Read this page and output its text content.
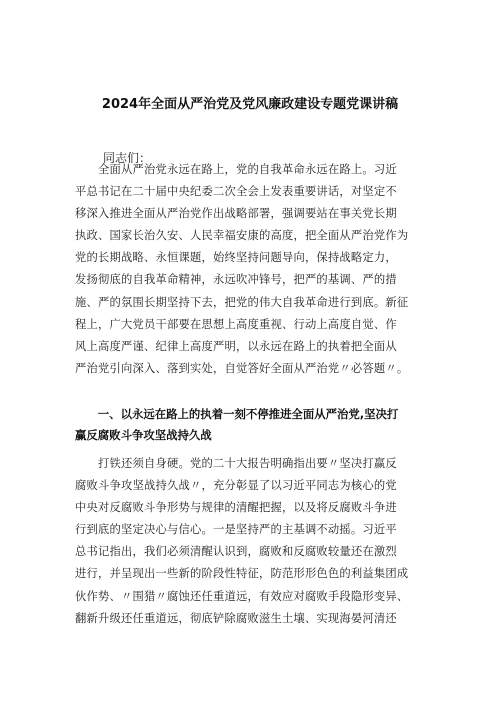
2024年全面从严治党及党风廉政建设专题党课讲稿
同志们：
　　全面从严治党永远在路上，党的自我革命永远在路上。习近
平总书记在二十届中央纪委二次全会上发表重要讲话，对坚定不
移深入推进全面从严治党作出战略部署，强调要站在事关党长期
执政、国家长治久安、人民幸福安康的高度，把全面从严治党作为
党的长期战略、永恒课题，始终坚持问题导向，保持战略定力，
发扬彻底的自我革命精神，永远吹冲锋号，把严的基调、严的措
施、严的氛围长期坚持下去，把党的伟大自我革命进行到底。新征
程上，广大党员干部要在思想上高度重视、行动上高度自觉、作
风上高度严谨、纪律上高度严明，以永远在路上的执着把全面从
严治党引向深入、落到实处，自觉答好全面从严治党〃必答题〃。
　　一、以永远在路上的执着一刻不停推进全面从严治党,坚决打
赢反腐败斗争攻坚战持久战
　　打铁还须自身硬。党的二十大报告明确指出要〃坚决打赢反
腐败斗争攻坚战持久战〃，充分彰显了以习近平同志为核心的党
中央对反腐败斗争形势与规律的清醒把握，以及将反腐败斗争进
行到底的坚定决心与信心。一是坚持严的主基调不动摇。习近平
总书记指出，我们必须清醒认识到，腐败和反腐败较量还在激烈
进行，并呈现出一些新的阶段性特征，防范形形色色的利益集团成
伙作势、〃围猎〃腐蚀还任重道远，有效应对腐败手段隐形变异、
翻新升级还任重道远，彻底铲除腐败滋生土壤、实现海晏河清还
